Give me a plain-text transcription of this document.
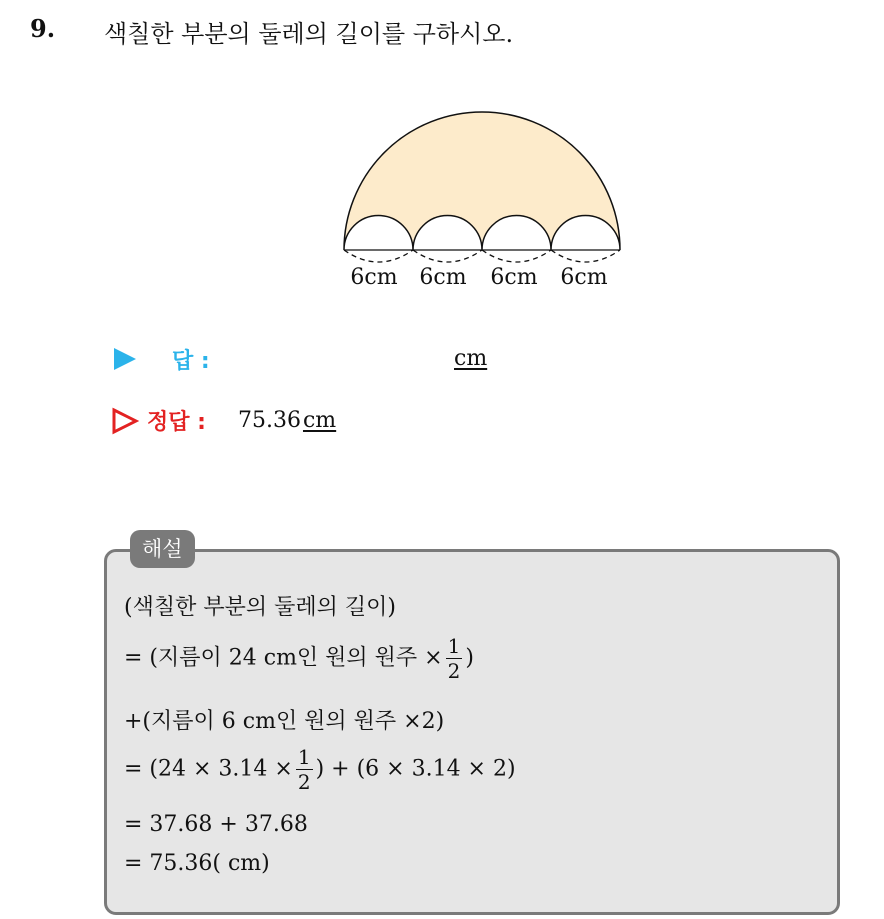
9. 색칠한 부분의 둘레의 길이를 구하시오.
6cm 6cm 6cm 6cm
답 :	cm
정답 : 75.36cm
해설
(색칠한 부분의 둘레의 길이)
= (지름이 24 cm인 원의 원주 × $\frac{1}{2}$ )
+(지름이 6 cm인 원의 원주 ×2)
= ($24 \times 3.14 \times \frac{1}{2}$ ) + (6 × 3.14 × 2)
= 37.68 + 37.68
= 75.36( cm)
